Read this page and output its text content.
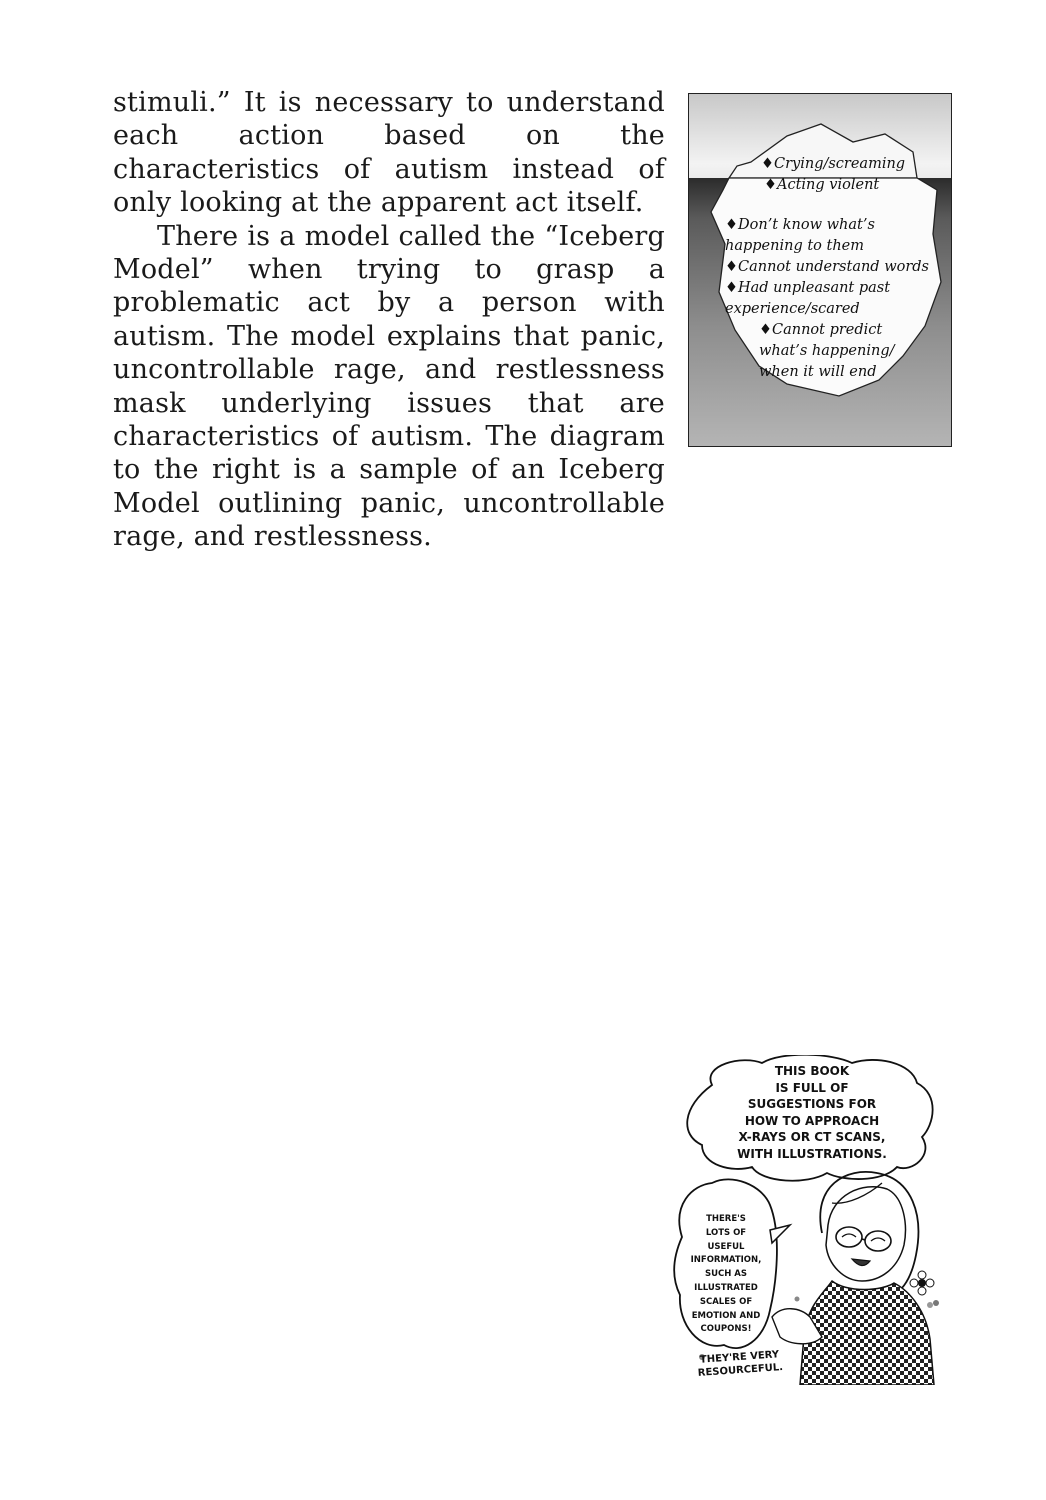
stimuli.” It is necessary to understand each action based on the characteristics of autism instead of only looking at the apparent act itself.

There is a model called the “Iceberg Model” when trying to grasp a problematic act by a person with autism. The model explains that panic, uncontrollable rage, and restlessness mask underlying issues that are characteristics of autism. The diagram to the right is a sample of an Iceberg Model outlining panic, uncontrollable rage, and restlessness.

♦Crying/screaming
♦Acting violent
♦Don’t know what’s
happening to them
♦Cannot understand words
♦Had unpleasant past
experience/scared
♦Cannot predict
what’s happening/
when it will end
THIS BOOK
IS FULL OF
SUGGESTIONS FOR
HOW TO APPROACH
X-RAYS OR CT SCANS,
WITH ILLUSTRATIONS.
THERE'S
LOTS OF
USEFUL
INFORMATION,
SUCH AS
ILLUSTRATED
SCALES OF
EMOTION AND
COUPONS!
THEY'RE VERY
RESOURCEFUL.
